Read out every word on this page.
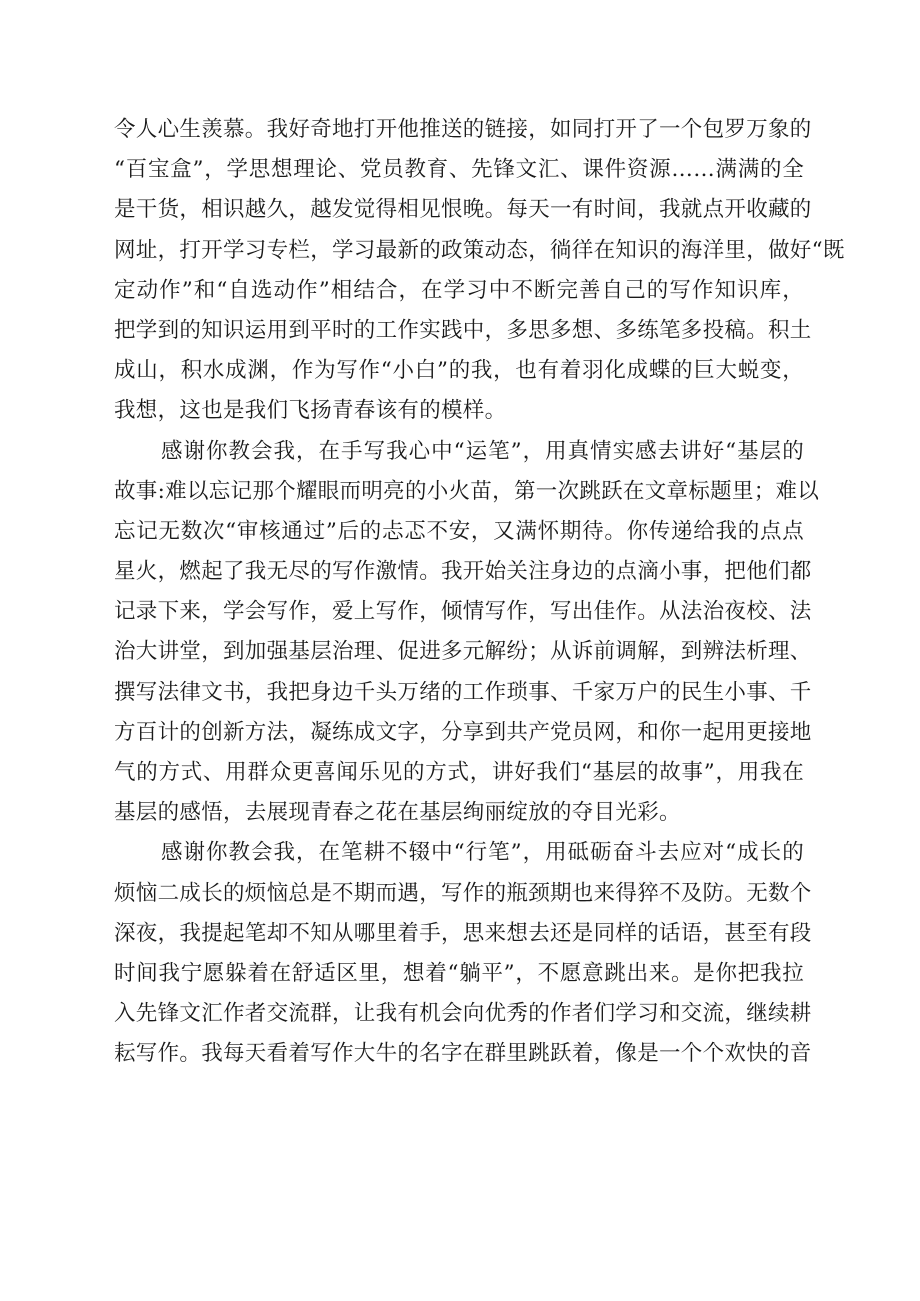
令人心生羡慕。我好奇地打开他推送的链接，如同打开了一个包罗万象的
“百宝盒”，学思想理论、党员教育、先锋文汇、课件资源……满满的全
是干货，相识越久，越发觉得相见恨晚。每天一有时间，我就点开收藏的
网址，打开学习专栏，学习最新的政策动态，徜徉在知识的海洋里，做好“既
定动作”和“自选动作”相结合，在学习中不断完善自己的写作知识库，
把学到的知识运用到平时的工作实践中，多思多想、多练笔多投稿。积土
成山，积水成渊，作为写作“小白”的我，也有着羽化成蝶的巨大蜕变，
我想，这也是我们飞扬青春该有的模样。
感谢你教会我，在手写我心中“运笔”，用真情实感去讲好“基层的
故事:难以忘记那个耀眼而明亮的小火苗，第一次跳跃在文章标题里；难以
忘记无数次“审核通过”后的忐忑不安，又满怀期待。你传递给我的点点
星火，燃起了我无尽的写作激情。我开始关注身边的点滴小事，把他们都
记录下来，学会写作，爱上写作，倾情写作，写出佳作。从法治夜校、法
治大讲堂，到加强基层治理、促进多元解纷；从诉前调解，到辨法析理、
撰写法律文书，我把身边千头万绪的工作琐事、千家万户的民生小事、千
方百计的创新方法，凝练成文字，分享到共产党员网，和你一起用更接地
气的方式、用群众更喜闻乐见的方式，讲好我们“基层的故事”，用我在
基层的感悟，去展现青春之花在基层绚丽绽放的夺目光彩。
感谢你教会我，在笔耕不辍中“行笔”，用砥砺奋斗去应对“成长的
烦恼二成长的烦恼总是不期而遇，写作的瓶颈期也来得猝不及防。无数个
深夜，我提起笔却不知从哪里着手，思来想去还是同样的话语，甚至有段
时间我宁愿躲着在舒适区里，想着“躺平”，不愿意跳出来。是你把我拉
入先锋文汇作者交流群，让我有机会向优秀的作者们学习和交流，继续耕
耘写作。我每天看着写作大牛的名字在群里跳跃着，像是一个个欢快的音
